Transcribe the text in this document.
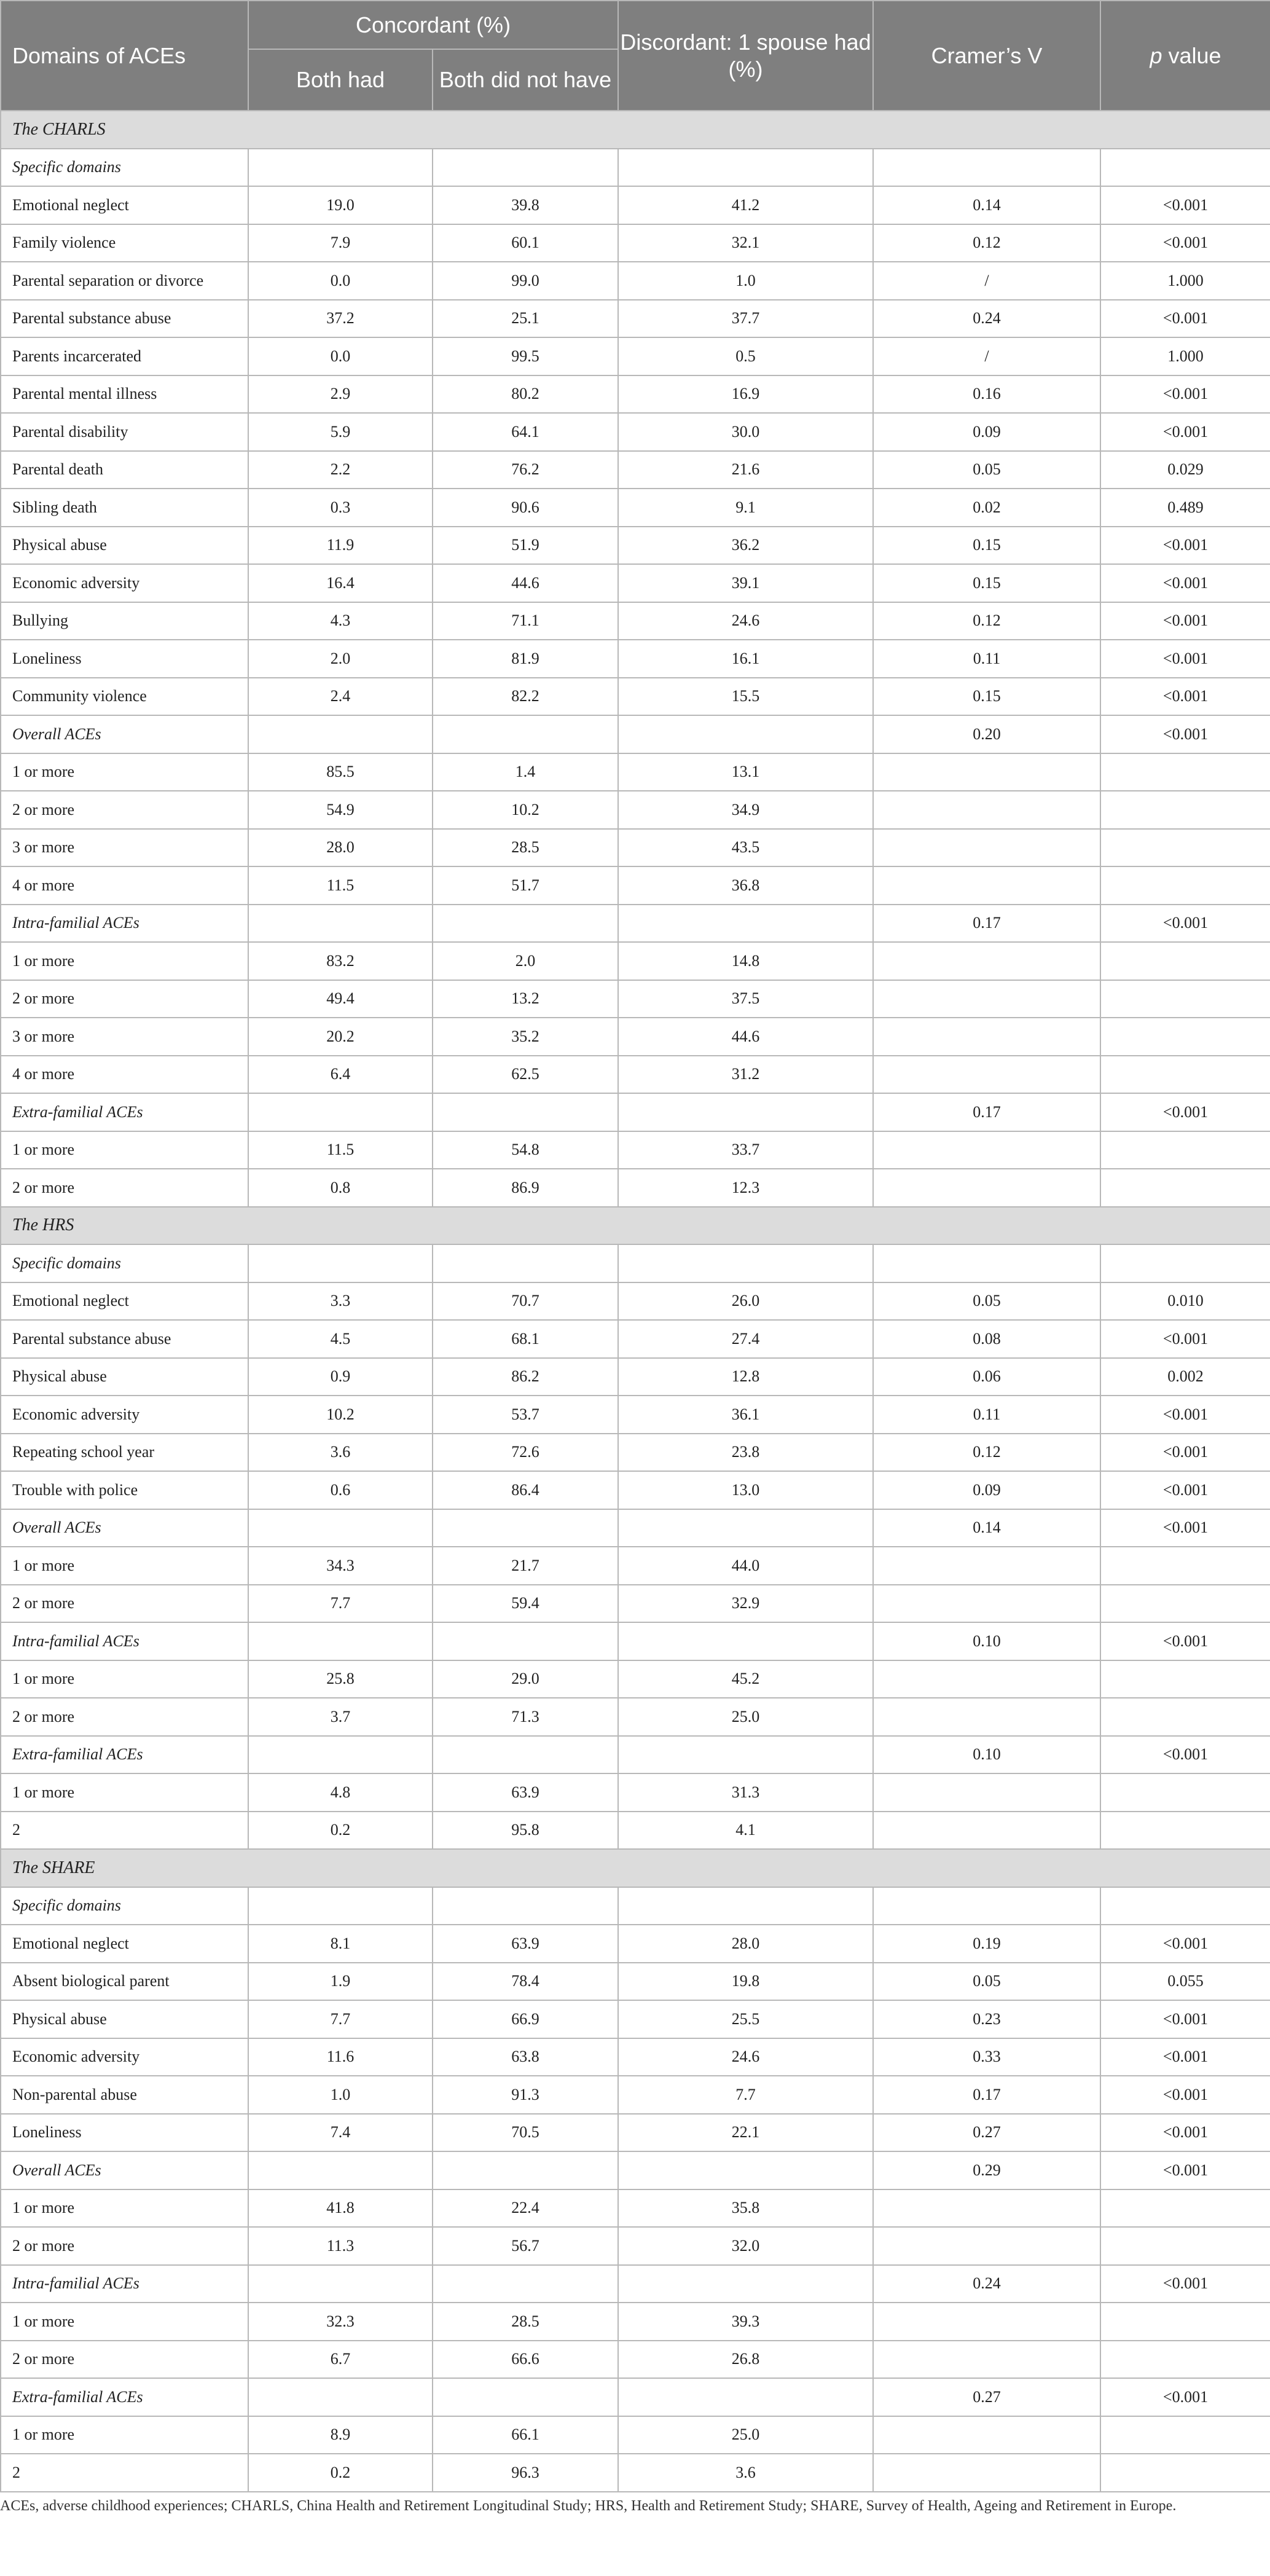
Domains of ACEs	Concordant (%)		Discordant: 1 spouse had (%)	Cramer’s V	p value
	Both had	Both did not have			
The CHARLS					
Specific domains					
Emotional neglect	19.0	39.8	41.2	0.14	<0.001
Family violence	7.9	60.1	32.1	0.12	<0.001
Parental separation or divorce	0.0	99.0	1.0	/	1.000
Parental substance abuse	37.2	25.1	37.7	0.24	<0.001
Parents incarcerated	0.0	99.5	0.5	/	1.000
Parental mental illness	2.9	80.2	16.9	0.16	<0.001
Parental disability	5.9	64.1	30.0	0.09	<0.001
Parental death	2.2	76.2	21.6	0.05	0.029
Sibling death	0.3	90.6	9.1	0.02	0.489
Physical abuse	11.9	51.9	36.2	0.15	<0.001
Economic adversity	16.4	44.6	39.1	0.15	<0.001
Bullying	4.3	71.1	24.6	0.12	<0.001
Loneliness	2.0	81.9	16.1	0.11	<0.001
Community violence	2.4	82.2	15.5	0.15	<0.001
Overall ACEs				0.20	<0.001
1 or more	85.5	1.4	13.1		
2 or more	54.9	10.2	34.9		
3 or more	28.0	28.5	43.5		
4 or more	11.5	51.7	36.8		
Intra-familial ACEs				0.17	<0.001
1 or more	83.2	2.0	14.8		
2 or more	49.4	13.2	37.5		
3 or more	20.2	35.2	44.6		
4 or more	6.4	62.5	31.2		
Extra-familial ACEs				0.17	<0.001
1 or more	11.5	54.8	33.7		
2 or more	0.8	86.9	12.3		
The HRS					
Specific domains					
Emotional neglect	3.3	70.7	26.0	0.05	0.010
Parental substance abuse	4.5	68.1	27.4	0.08	<0.001
Physical abuse	0.9	86.2	12.8	0.06	0.002
Economic adversity	10.2	53.7	36.1	0.11	<0.001
Repeating school year	3.6	72.6	23.8	0.12	<0.001
Trouble with police	0.6	86.4	13.0	0.09	<0.001
Overall ACEs				0.14	<0.001
1 or more	34.3	21.7	44.0		
2 or more	7.7	59.4	32.9		
Intra-familial ACEs				0.10	<0.001
1 or more	25.8	29.0	45.2		
2 or more	3.7	71.3	25.0		
Extra-familial ACEs				0.10	<0.001
1 or more	4.8	63.9	31.3		
2	0.2	95.8	4.1		
The SHARE					
Specific domains					
Emotional neglect	8.1	63.9	28.0	0.19	<0.001
Absent biological parent	1.9	78.4	19.8	0.05	0.055
Physical abuse	7.7	66.9	25.5	0.23	<0.001
Economic adversity	11.6	63.8	24.6	0.33	<0.001
Non-parental abuse	1.0	91.3	7.7	0.17	<0.001
Loneliness	7.4	70.5	22.1	0.27	<0.001
Overall ACEs				0.29	<0.001
1 or more	41.8	22.4	35.8		
2 or more	11.3	56.7	32.0		
Intra-familial ACEs				0.24	<0.001
1 or more	32.3	28.5	39.3		
2 or more	6.7	66.6	26.8		
Extra-familial ACEs				0.27	<0.001
1 or more	8.9	66.1	25.0		
2	0.2	96.3	3.6		
ACEs, adverse childhood experiences; CHARLS, China Health and Retirement Longitudinal Study; HRS, Health and Retirement Study; SHARE, Survey of Health, Ageing and Retirement in Europe.
